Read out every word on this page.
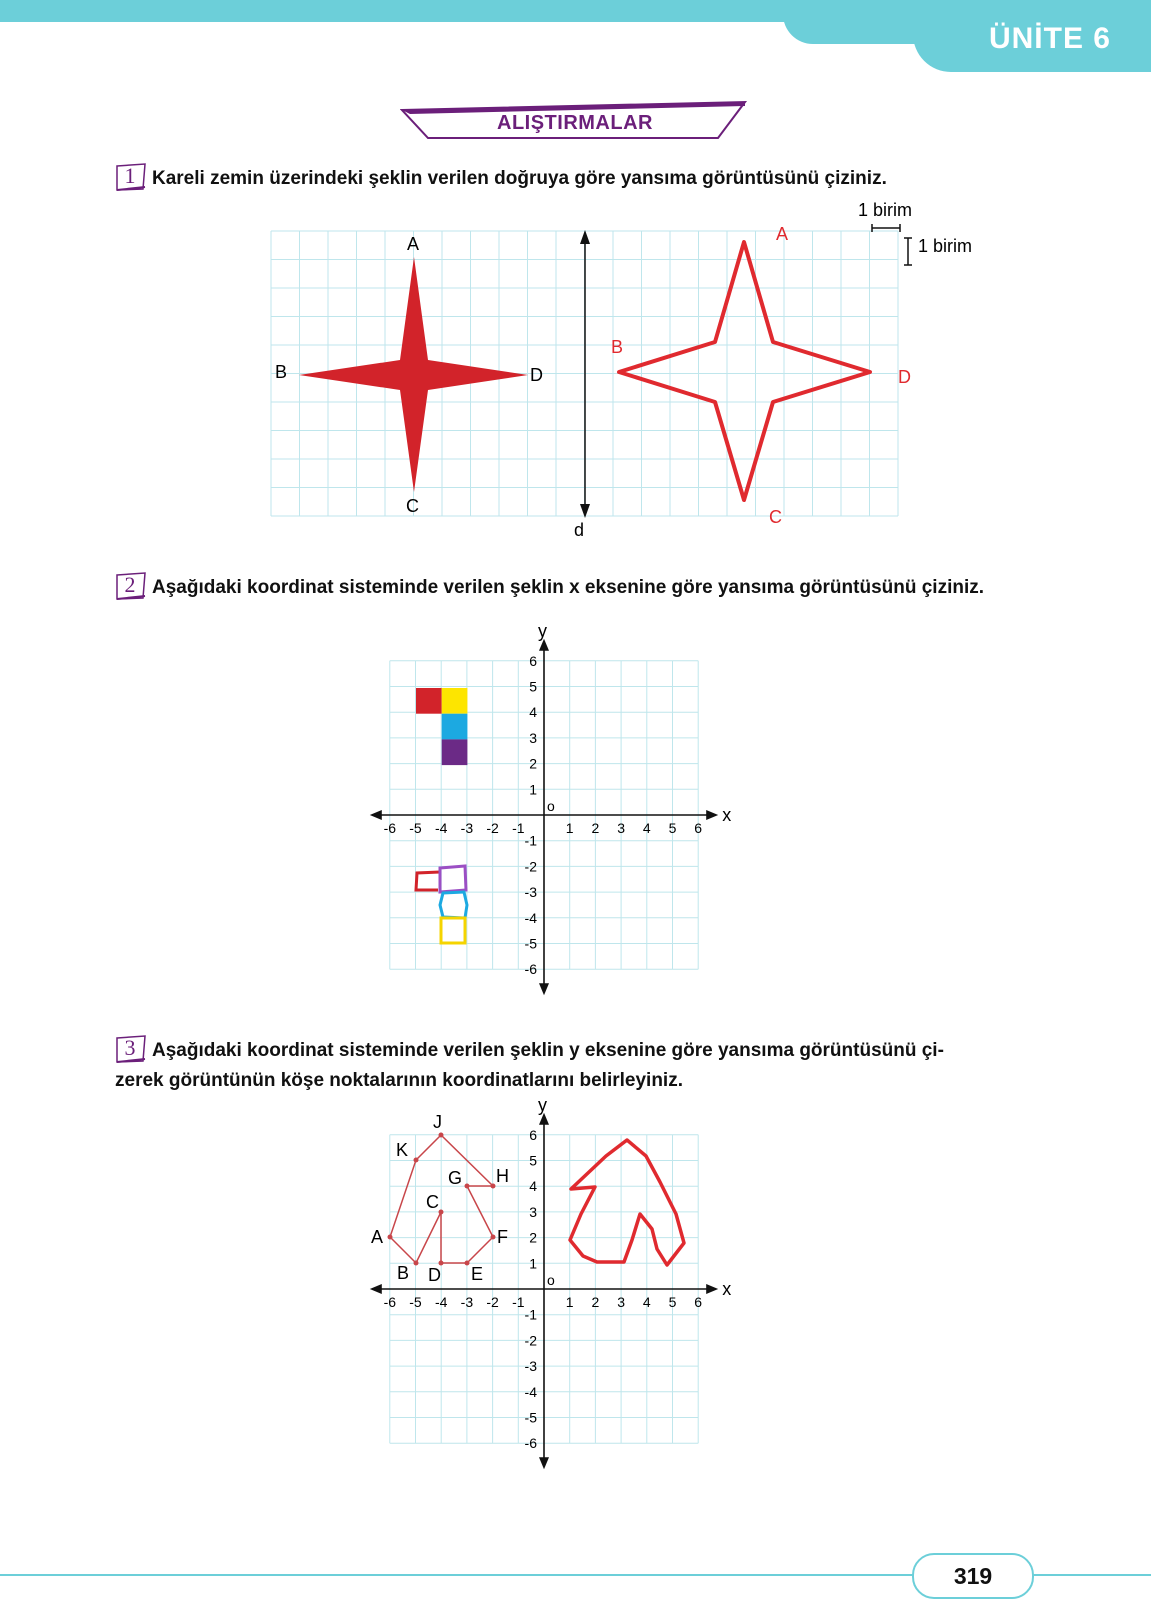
ÜNİTE 6
ALIŞTIRMALAR
1 Kareli zemin üzerindeki şeklin verilen doğruya göre yansıma görüntüsünü çiziniz.
1 birim
1 birim
A
B
C
D
d
A
B
C
D
2 Aşağıdaki koordinat sisteminde verilen şeklin x eksenine göre yansıma görüntüsünü çiziniz.
x
y
o
-6 -5 -4 -3 -2 -1	1 2 3 4 5 6
6
5
4
3
2
1
-1
-2
-3
-4
-5
-6
3 Aşağıdaki koordinat sisteminde verilen şeklin y eksenine göre yansıma görüntüsünü çi-
zerek görüntünün köşe noktalarının koordinatlarını belirleyiniz.
x
y
o
-6 -5 -4 -3 -2 -1	1 2 3 4 5 6
6
5
4
3
2
1
-1
-2
-3
-4
-5
-6
J
K
G H
C
A	F
B D E
319
